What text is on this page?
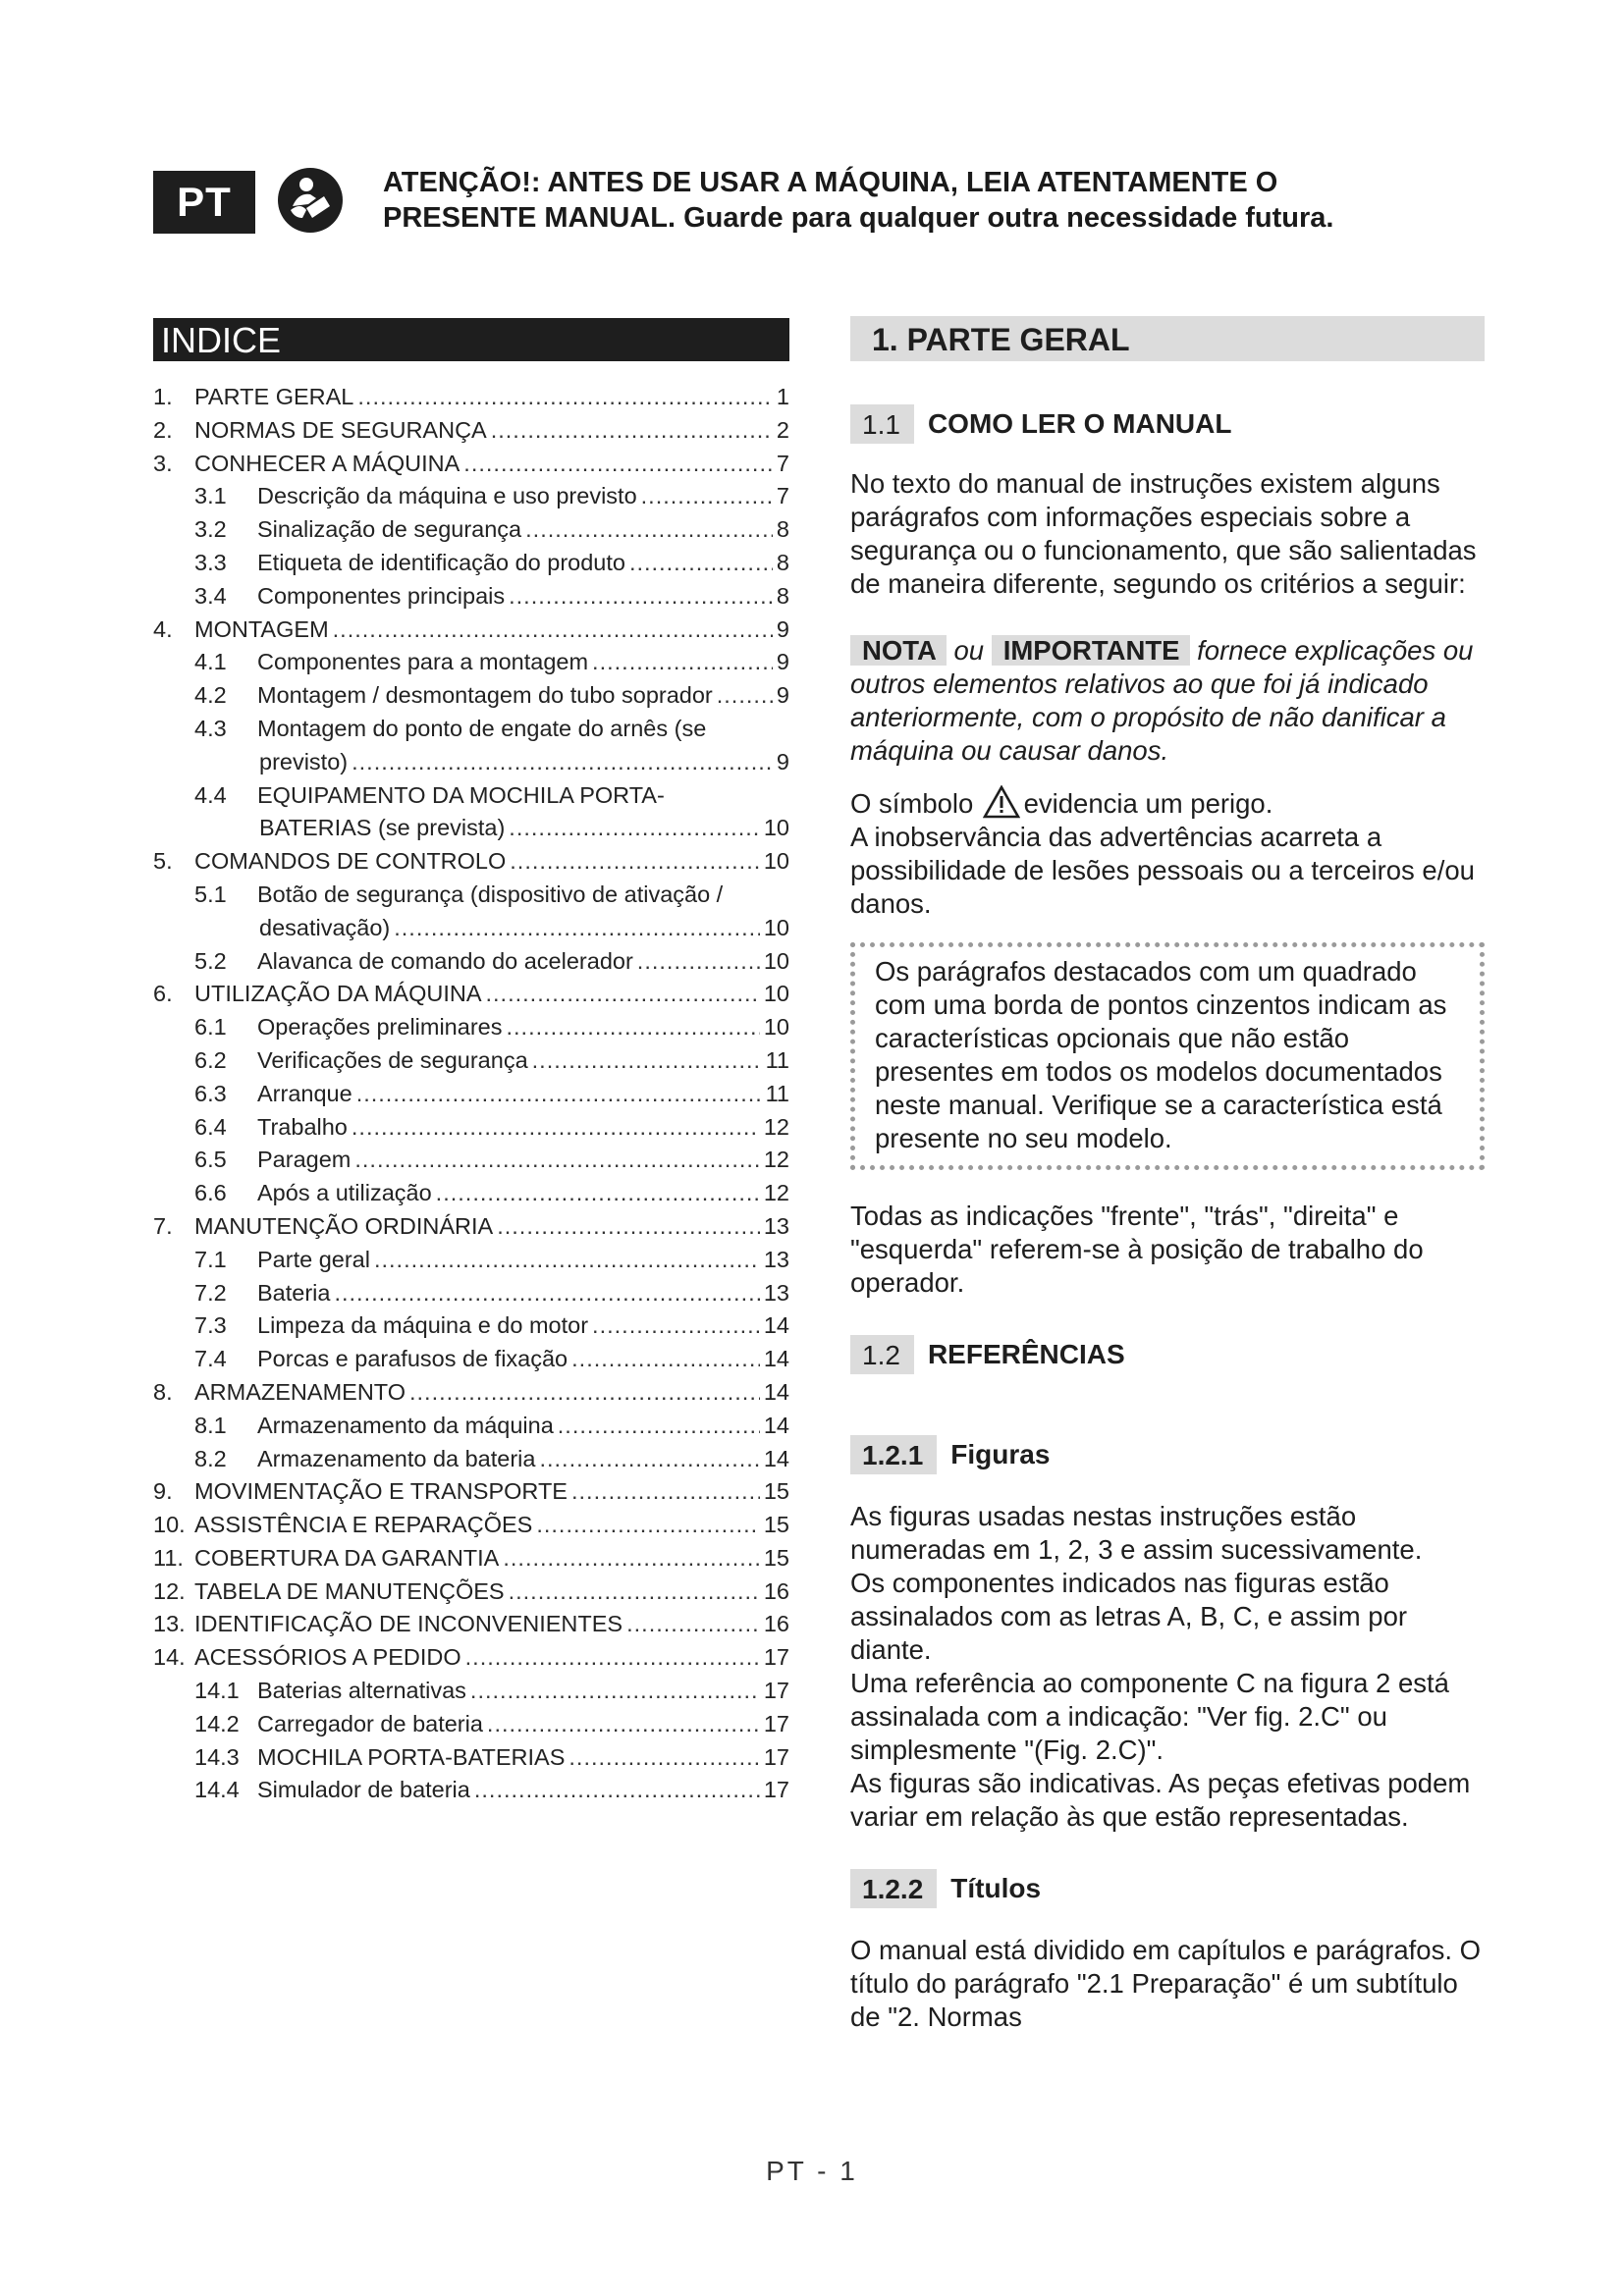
PT	ATENÇÃO!: ANTES DE USAR A MÁQUINA, LEIA ATENTAMENTE O
PRESENTE MANUAL. Guarde para qualquer outra necessidade futura.
INDICE
1. PARTE GERAL .....	1
2. NORMAS DE SEGURANÇA .....	2
3. CONHECER A MÁQUINA .....	7
3.1	Descrição da máquina e uso previsto .....	7
3.2	Sinalização de segurança .....	8
3.3	Etiqueta de identificação do produto .....	8
3.4	Componentes principais .....	8
4. MONTAGEM .....	9
4.1	Componentes para a montagem .....	9
4.2	Montagem / desmontagem do tubo soprador .....	9
4.3	Montagem do ponto de engate do arnês (se
previsto) .....	9
4.4	EQUIPAMENTO DA MOCHILA PORTA-
BATERIAS (se prevista) .....	10
5. COMANDOS DE CONTROLO .....	10
5.1	Botão de segurança (dispositivo de ativação /
desativação) .....	10
5.2	Alavanca de comando do acelerador .....	10
6. UTILIZAÇÃO DA MÁQUINA .....	10
6.1	Operações preliminares .....	10
6.2	Verificações de segurança .....	11
6.3	Arranque .....	11
6.4	Trabalho .....	12
6.5	Paragem .....	12
6.6	Após a utilização .....	12
7. MANUTENÇÃO ORDINÁRIA .....	13
7.1	Parte geral .....	13
7.2	Bateria .....	13
7.3	Limpeza da máquina e do motor .....	14
7.4	Porcas e parafusos de fixação .....	14
8. ARMAZENAMENTO .....	14
8.1	Armazenamento da máquina .....	14
8.2	Armazenamento da bateria .....	14
9. MOVIMENTAÇÃO E TRANSPORTE .....	15
10. ASSISTÊNCIA E REPARAÇÕES .....	15
11. COBERTURA DA GARANTIA .....	15
12. TABELA DE MANUTENÇÕES .....	16
13. IDENTIFICAÇÃO DE INCONVENIENTES .....	16
14. ACESSÓRIOS A PEDIDO .....	17
14.1 Baterias alternativas .....	17
14.2 Carregador de bateria .....	17
14.3 MOCHILA PORTA-BATERIAS .....	17
14.4 Simulador de bateria .....	17
1. PARTE GERAL
1.1	COMO LER O MANUAL

No texto do manual de instruções existem alguns parágrafos com informações especiais sobre a segurança ou o funcionamento, que são salientadas de maneira diferente, segundo os critérios a seguir:

NOTA ou IMPORTANTE fornece explicações ou outros elementos relativos ao que foi já indicado anteriormente, com o propósito de não danificar a máquina ou causar danos.

O símbolo evidencia um perigo.
A inobservância das advertências acarreta a possibilidade de lesões pessoais ou a terceiros e/ou danos.

Os parágrafos destacados com um quadrado com uma borda de pontos cinzentos indicam as características opcionais que não estão presentes em todos os modelos documentados neste manual. Verifique se a característica está presente no seu modelo.

Todas as indicações "frente", "trás", "direita" e "esquerda" referem-se à posição de trabalho do operador.

1.2	REFERÊNCIAS
1.2.1	Figuras

As figuras usadas nestas instruções estão numeradas em 1, 2, 3 e assim sucessivamente.

Os componentes indicados nas figuras estão assinalados com as letras A, B, C, e assim por diante.

Uma referência ao componente C na figura 2 está assinalada com a indicação: "Ver fig. 2.C" ou simplesmente "(Fig. 2.C)".

As figuras são indicativas. As peças efetivas podem variar em relação às que estão representadas.

1.2.2	Títulos

O manual está dividido em capítulos e parágrafos. O título do parágrafo "2.1 Preparação" é um subtítulo de "2. Normas

PT - 1
